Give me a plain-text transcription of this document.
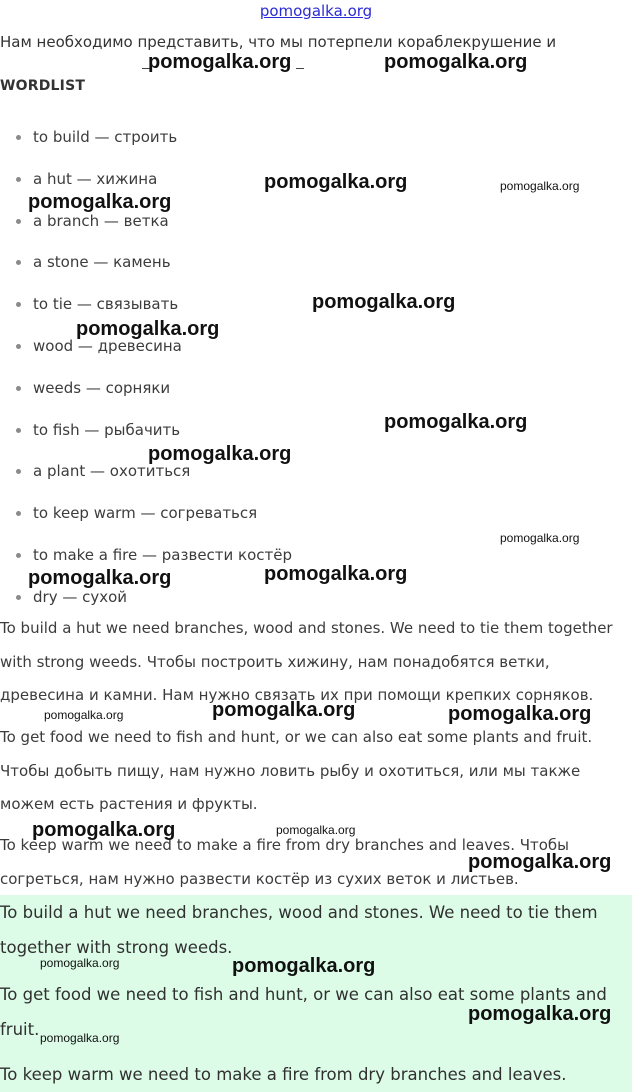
pomogalka.org
Нам необходимо представить, что мы потерпели кораблекрушение и
WORDLIST
to build — строить
a hut — хижина
a branch — ветка
a stone — камень
to tie — связывать
wood — древесина
weeds — сорняки
to fish — рыбачить
a plant — охотиться
to keep warm — согреваться
to make a fire — развести костёр
dry — сухой

To build a hut we need branches, wood and stones. We need to tie them together with strong weeds. Чтобы построить хижину, нам понадобятся ветки, древесина и камни. Нам нужно связать их при помощи крепких сорняков.

To get food we need to fish and hunt, or we can also eat some plants and fruit. Чтобы добыть пищу, нам нужно ловить рыбу и охотиться, или мы также можем есть растения и фрукты.

To keep warm we need to make a fire from dry branches and leaves. Чтобы согреться, нам нужно развести костёр из сухих веток и листьев.

To build a hut we need branches, wood and stones. We need to tie them together with strong weeds.

To get food we need to fish and hunt, or we can also eat some plants and fruit.

To keep warm we need to make a fire from dry branches and leaves.

pomogalka.org	pomogalka.org
pomogalka.org	pomogalka.org
pomogalka.org
pomogalka.org
pomogalka.org
pomogalka.org
pomogalka.org
pomogalka.org
pomogalka.org
pomogalka.org
pomogalka.org
pomogalka.org	pomogalka.org
pomogalka.org	pomogalka.org
pomogalka.org
pomogalka.org	pomogalka.org
pomogalka.org
pomogalka.org
